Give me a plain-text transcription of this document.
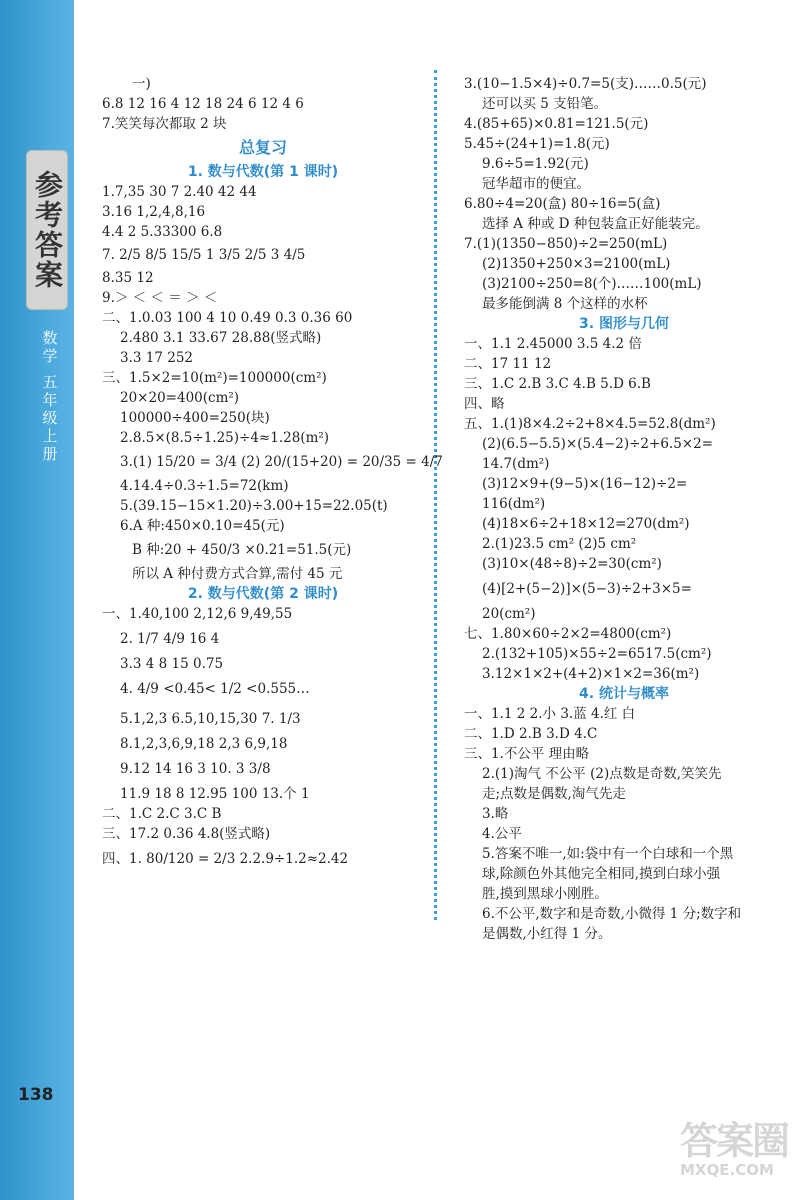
参考答案
数学 五年级上册
138
答案圈
MXQE.COM
一)
6.8 12 16 4 12 18 24 6 12 4 6
7.笑笑每次都取 2 块
总复习
1. 数与代数(第 1 课时)
1.7,35 30 7 2.40 42 44
3.16 1,2,4,8,16
4.4 2 5.33300 6.8
7. 2/5 8/5 15/5 1 3/5 2/5 3 4/5
8.35 12
9.＞ ＜ ＜ ＝ ＞ ＜
二、1.0.03 100 4 10 0.49 0.3 0.36 60
2.480 3.1 33.67 28.88(竖式略)
3.3 17 252
三、1.5×2=10(m²)=100000(cm²)
20×20=400(cm²)
100000÷400=250(块)
2.8.5×(8.5÷1.25)÷4≈1.28(m²)
3.(1) 15/20 = 3/4 (2) 20/(15+20) = 20/35 = 4/7
4.14.4÷0.3÷1.5=72(km)
5.(39.15−15×1.20)÷3.00+15=22.05(t)
6.A 种:450×0.10=45(元)
B 种:20 + 450/3 ×0.21=51.5(元)
所以 A 种付费方式合算,需付 45 元
2. 数与代数(第 2 课时)
一、1.40,100 2,12,6 9,49,55
2. 1/7 4/9 16 4
3.3 4 8 15 0.75
4. 4/9 <0.45< 1/2 <0.555…
5.1,2,3 6.5,10,15,30 7. 1/3
8.1,2,3,6,9,18 2,3 6,9,18
9.12 14 16 3 10. 3 3/8
11.9 18 8 12.95 100 13.个 1
二、1.C 2.C 3.C B
三、17.2 0.36 4.8(竖式略)
四、1. 80/120 = 2/3 2.2.9÷1.2≈2.42
3.(10−1.5×4)÷0.7=5(支)……0.5(元)
还可以买 5 支铅笔。
4.(85+65)×0.81=121.5(元)
5.45÷(24+1)=1.8(元)
9.6÷5=1.92(元)
冠华超市的便宜。
6.80÷4=20(盒) 80÷16=5(盒)
选择 A 种或 D 种包装盒正好能装完。
7.(1)(1350−850)÷2=250(mL)
(2)1350+250×3=2100(mL)
(3)2100÷250=8(个)……100(mL)
最多能倒满 8 个这样的水杯
3. 图形与几何
一、1.1 2.45000 3.5 4.2 倍
二、17 11 12
三、1.C 2.B 3.C 4.B 5.D 6.B
四、略
五、1.(1)8×4.2÷2+8×4.5=52.8(dm²)
(2)(6.5−5.5)×(5.4−2)÷2+6.5×2=
14.7(dm²)
(3)12×9+(9−5)×(16−12)÷2=
116(dm²)
(4)18×6÷2+18×12=270(dm²)
2.(1)23.5 cm² (2)5 cm²
(3)10×(48÷8)÷2=30(cm²)
(4)[2+(5−2)]×(5−3)÷2+3×5=
20(cm²)
七、1.80×60÷2×2=4800(cm²)
2.(132+105)×55÷2=6517.5(cm²)
3.12×1×2+(4+2)×1×2=36(m²)
4. 统计与概率
一、1.1 2 2.小 3.蓝 4.红 白
二、1.D 2.B 3.D 4.C
三、1.不公平 理由略
2.(1)淘气 不公平 (2)点数是奇数,笑笑先
走;点数是偶数,淘气先走
3.略
4.公平
5.答案不唯一,如:袋中有一个白球和一个黑
球,除颜色外其他完全相同,摸到白球小强
胜,摸到黑球小刚胜。
6.不公平,数字和是奇数,小微得 1 分;数字和
是偶数,小红得 1 分。
